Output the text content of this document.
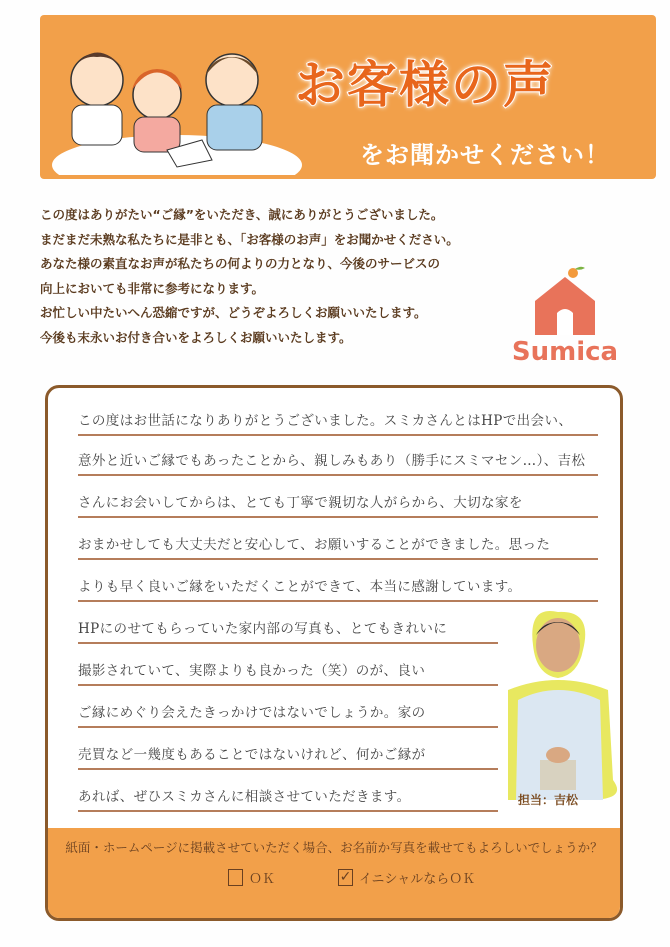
お客様の声
をお聞かせください！
この度はありがたい“ご縁”をいただき、誠にありがとうございました。
まだまだ未熟な私たちに是非とも、「お客様のお声」をお聞かせください。
あなた様の素直なお声が私たちの何よりの力となり、今後のサービスの
向上においても非常に参考になります。
お忙しい中たいへん恐縮ですが、どうぞよろしくお願いいたします。
今後も末永いお付き合いをよろしくお願いいたします。	Sumica
この度はお世話になりありがとうございました。スミカさんとはHPで出会い、
意外と近いご縁でもあったことから、親しみもあり（勝手にスミマセン…）、吉松
さんにお会いしてからは、とても丁寧で親切な人がらから、大切な家を
おまかせしても大丈夫だと安心して、お願いすることができました。思った
よりも早く良いご縁をいただくことができて、本当に感謝しています。
HPにのせてもらっていた家内部の写真も、とてもきれいに
撮影されていて、実際よりも良かった（笑）のが、良い
ご縁にめぐり会えたきっかけではないでしょうか。家の
売買など一幾度もあることではないけれど、何かご縁が
あれば、ぜひスミカさんに相談させていただきます。	担当：吉松
紙面・ホームページに掲載させていただく場合、お名前か写真を載せてもよろしいでしょうか？
ＯＫ	✓ イニシャルならＯＫ
